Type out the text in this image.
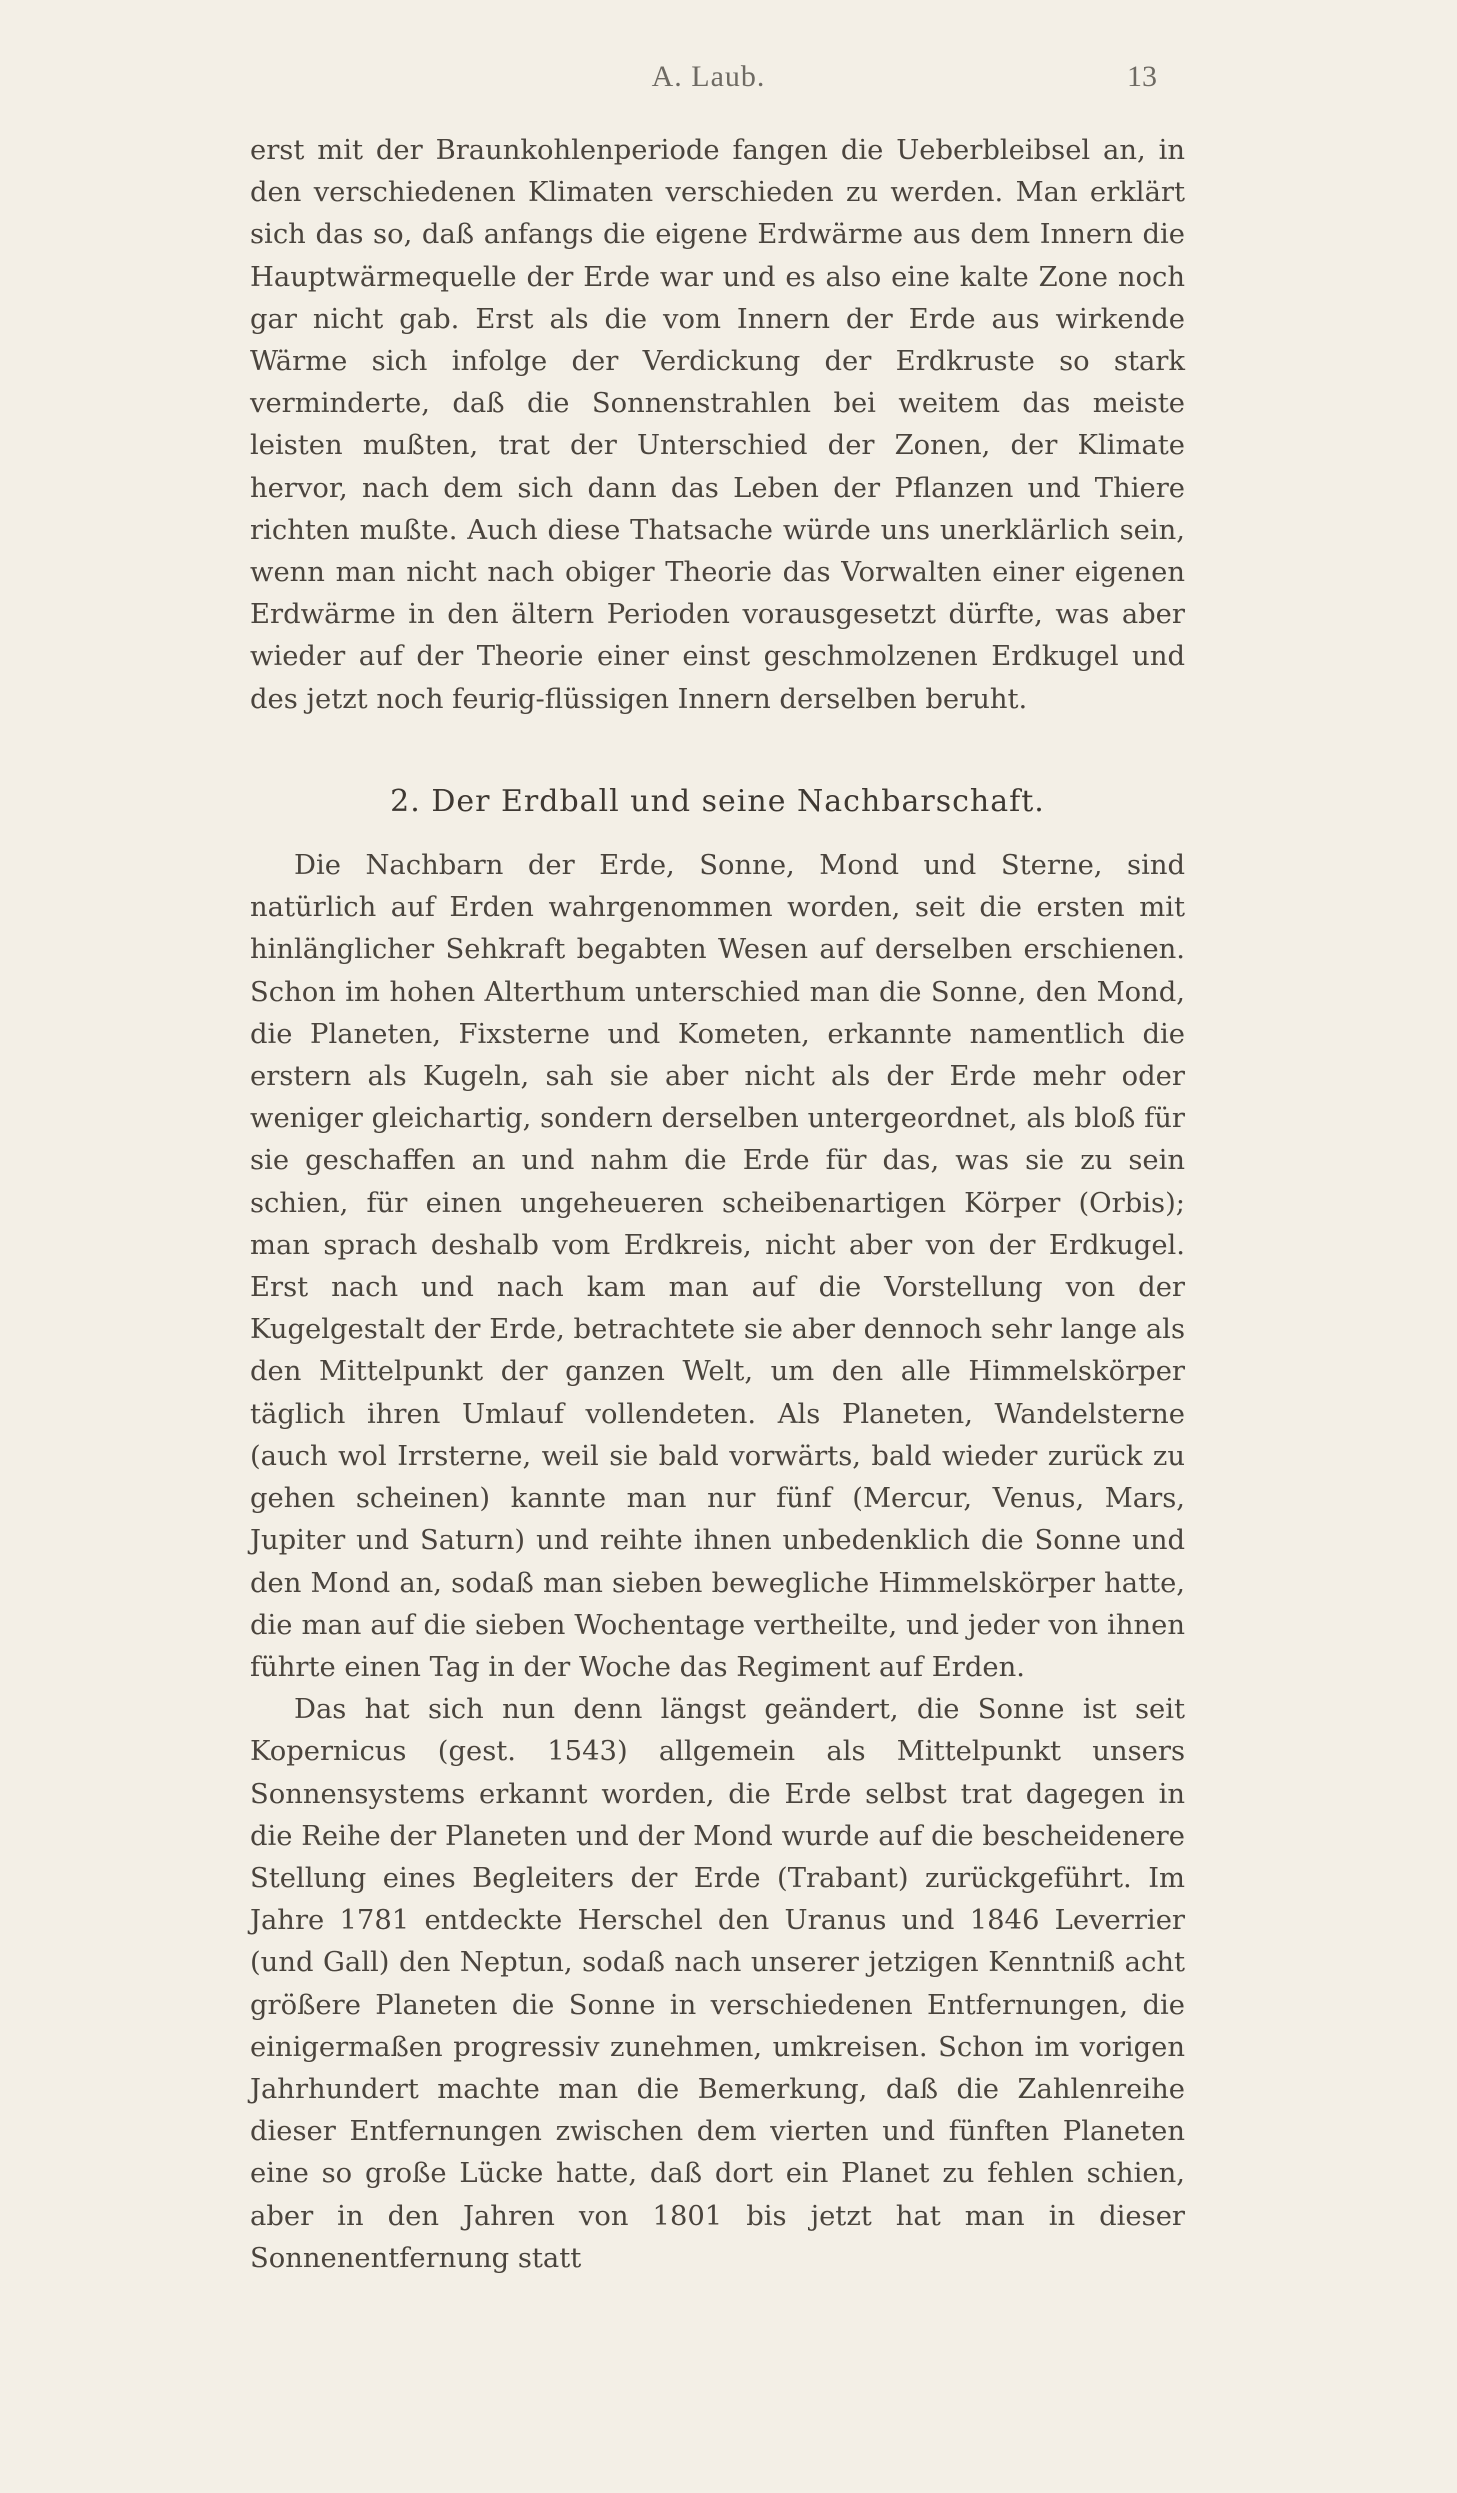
A. Laub.	13

erst mit der Braunkohlenperiode fangen die Ueberbleibsel an, in den verschiedenen Klimaten verschieden zu werden. Man erklärt sich das so, daß anfangs die eigene Erdwärme aus dem Innern die Hauptwärmequelle der Erde war und es also eine kalte Zone noch gar nicht gab. Erst als die vom Innern der Erde aus wirkende Wärme sich infolge der Verdickung der Erdkruste so stark verminderte, daß die Sonnenstrahlen bei weitem das meiste leisten mußten, trat der Unterschied der Zonen, der Klimate hervor, nach dem sich dann das Leben der Pflanzen und Thiere richten mußte. Auch diese Thatsache würde uns unerklärlich sein, wenn man nicht nach obiger Theorie das Vorwalten einer eigenen Erdwärme in den ältern Perioden vorausgesetzt dürfte, was aber wieder auf der Theorie einer einst geschmolzenen Erdkugel und des jetzt noch feurig-flüssigen Innern derselben beruht.

2. Der Erdball und seine Nachbarschaft.

Die Nachbarn der Erde, Sonne, Mond und Sterne, sind natürlich auf Erden wahrgenommen worden, seit die ersten mit hinlänglicher Sehkraft begabten Wesen auf derselben erschienen. Schon im hohen Alterthum unterschied man die Sonne, den Mond, die Planeten, Fixsterne und Kometen, erkannte namentlich die erstern als Kugeln, sah sie aber nicht als der Erde mehr oder weniger gleichartig, sondern derselben untergeordnet, als bloß für sie geschaffen an und nahm die Erde für das, was sie zu sein schien, für einen ungeheueren scheibenartigen Körper (Orbis); man sprach deshalb vom Erdkreis, nicht aber von der Erdkugel. Erst nach und nach kam man auf die Vorstellung von der Kugelgestalt der Erde, betrachtete sie aber dennoch sehr lange als den Mittelpunkt der ganzen Welt, um den alle Himmelskörper täglich ihren Umlauf vollendeten. Als Planeten, Wandelsterne (auch wol Irrsterne, weil sie bald vorwärts, bald wieder zurück zu gehen scheinen) kannte man nur fünf (Mercur, Venus, Mars, Jupiter und Saturn) und reihte ihnen unbedenklich die Sonne und den Mond an, sodaß man sieben bewegliche Himmelskörper hatte, die man auf die sieben Wochentage vertheilte, und jeder von ihnen führte einen Tag in der Woche das Regiment auf Erden.

Das hat sich nun denn längst geändert, die Sonne ist seit Kopernicus (gest. 1543) allgemein als Mittelpunkt unsers Sonnensystems erkannt worden, die Erde selbst trat dagegen in die Reihe der Planeten und der Mond wurde auf die bescheidenere Stellung eines Begleiters der Erde (Trabant) zurückgeführt. Im Jahre 1781 entdeckte Herschel den Uranus und 1846 Leverrier (und Gall) den Neptun, sodaß nach unserer jetzigen Kenntniß acht größere Planeten die Sonne in verschiedenen Entfernungen, die einigermaßen progressiv zunehmen, umkreisen. Schon im vorigen Jahrhundert machte man die Bemerkung, daß die Zahlenreihe dieser Entfernungen zwischen dem vierten und fünften Planeten eine so große Lücke hatte, daß dort ein Planet zu fehlen schien, aber in den Jahren von 1801 bis jetzt hat man in dieser Sonnenentfernung statt
